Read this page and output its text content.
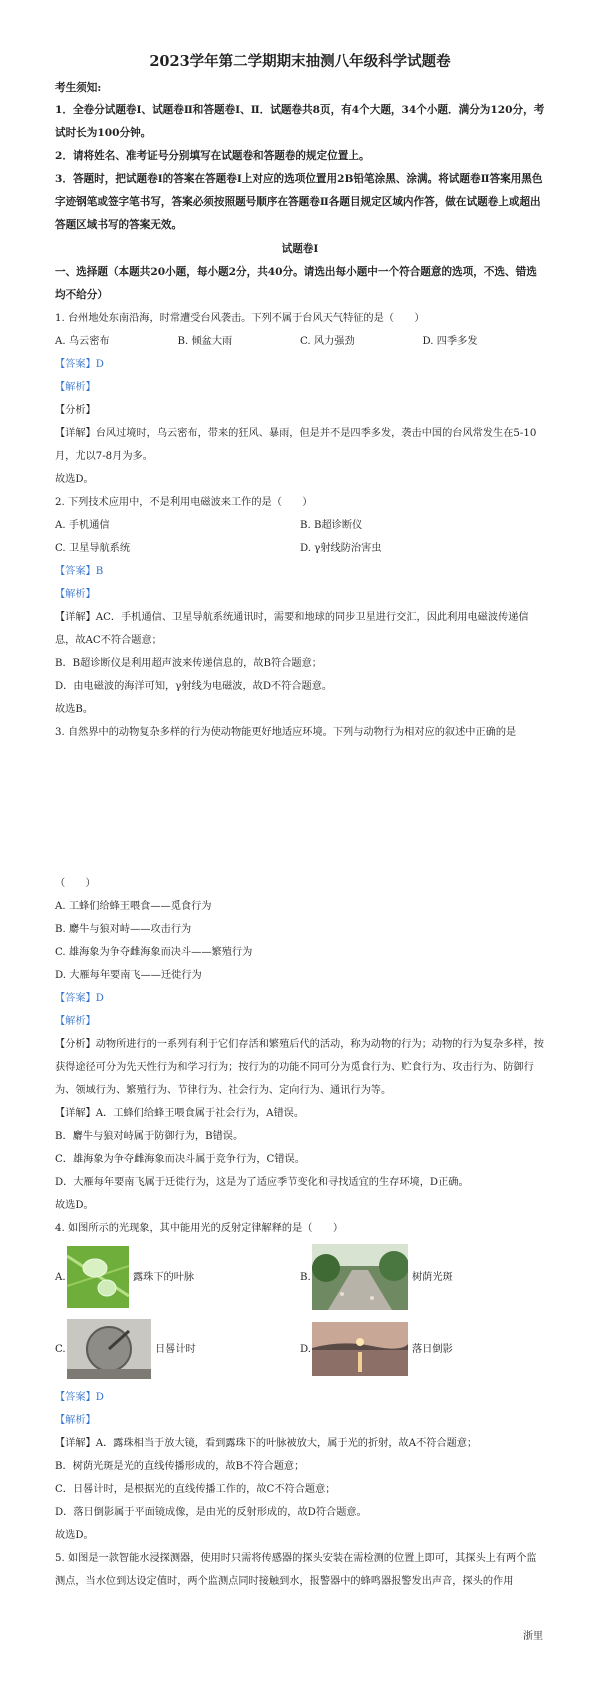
2023学年第二学期期末抽测八年级科学试题卷
考生须知:
1．全卷分试题卷Ⅰ、试题卷Ⅱ和答题卷Ⅰ、Ⅱ．试题卷共8页，有4个大题，34个小题．满分为120分，考试时长为100分钟。
2．请将姓名、准考证号分别填写在试题卷和答题卷的规定位置上。
3．答题时，把试题卷Ⅰ的答案在答题卷Ⅰ上对应的选项位置用2B铅笔涂黑、涂满。将试题卷Ⅱ答案用黑色字迹钢笔或签字笔书写，答案必须按照题号顺序在答题卷Ⅱ各题目规定区域内作答，做在试题卷上或超出答题区域书写的答案无效。
试题卷Ⅰ
一、选择题（本题共20小题，每小题2分，共40分。请选出每小题中一个符合题意的选项，不选、错选均不给分）
1. 台州地处东南沿海，时常遭受台风袭击。下列不属于台风天气特征的是（　　）
A. 乌云密布	B. 倾盆大雨	C. 风力强劲	D. 四季多发
【答案】D
【解析】
【分析】
【详解】台风过境时，乌云密布，带来的狂风、暴雨，但是并不是四季多发，袭击中国的台风常发生在5-10月，尤以7-8月为多。
故选D。
2. 下列技术应用中，不是利用电磁波来工作的是（　　）
A. 手机通信	B. B超诊断仪
C. 卫星导航系统	D. γ射线防治害虫
【答案】B
【解析】
【详解】AC．手机通信、卫星导航系统通讯时，需要和地球的同步卫星进行交汇，因此利用电磁波传递信息，故AC不符合题意；
B．B超诊断仪是利用超声波来传递信息的，故B符合题意；
D．由电磁波的海洋可知，γ射线为电磁波，故D不符合题意。
故选B。
3. 自然界中的动物复杂多样的行为使动物能更好地适应环境。下列与动物行为相对应的叙述中正确的是
（　　）
A. 工蜂们给蜂王喂食——觅食行为
B. 麝牛与狼对峙——攻击行为
C. 雄海象为争夺雌海象而决斗——繁殖行为
D. 大雁每年要南飞——迁徙行为
【答案】D
【解析】
【分析】动物所进行的一系列有利于它们存活和繁殖后代的活动，称为动物的行为；动物的行为复杂多样，按获得途径可分为先天性行为和学习行为；按行为的功能不同可分为觅食行为、贮食行为、攻击行为、防御行为、领域行为、繁殖行为、节律行为、社会行为、定向行为、通讯行为等。
【详解】A．工蜂们给蜂王喂食属于社会行为，A错误。
B．麝牛与狼对峙属于防御行为，B错误。
C．雄海象为争夺雌海象而决斗属于竞争行为，C错误。
D．大雁每年要南飞属于迁徙行为，这是为了适应季节变化和寻找适宜的生存环境，D正确。
故选D。
4. 如图所示的光现象，其中能用光的反射定律解释的是（　　）
A.	露珠下的叶脉	B.	树荫光斑
C.	日晷计时	D.	落日倒影
【答案】D
【解析】
【详解】A．露珠相当于放大镜，看到露珠下的叶脉被放大，属于光的折射，故A不符合题意；
B．树荫光斑是光的直线传播形成的，故B不符合题意；
C．日晷计时，是根据光的直线传播工作的，故C不符合题意；
D．落日倒影属于平面镜成像，是由光的反射形成的，故D符合题意。
故选D。
5. 如图是一款智能水浸探测器，使用时只需将传感器的探头安装在需检测的位置上即可，其探头上有两个监测点，当水位到达设定值时，两个监测点同时接触到水，报警器中的蜂鸣器报警发出声音，探头的作用
浙里
